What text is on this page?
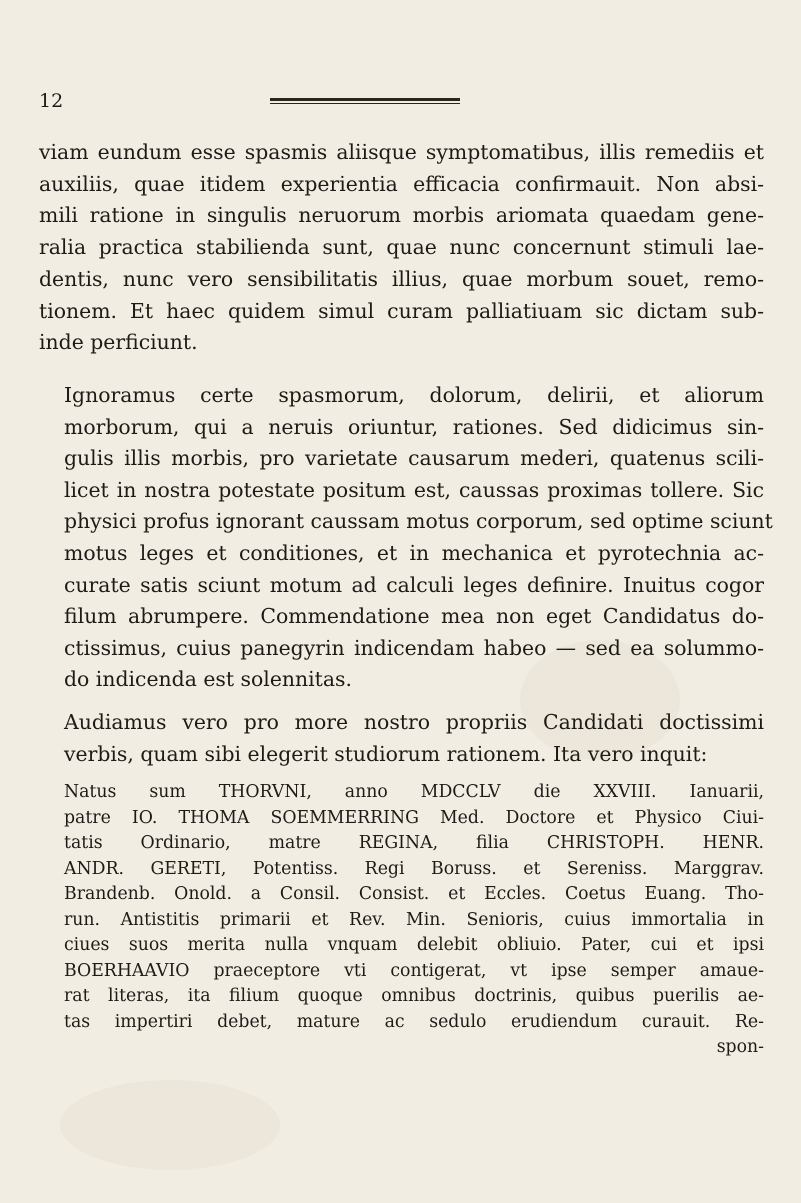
12
viam eundum esse spasmis aliisque symptomatibus, illis remediis et
auxiliis, quae itidem experientia efficacia confirmauit. Non absi-
mili ratione in singulis neruorum morbis ariomata quaedam gene-
ralia practica stabilienda sunt, quae nunc concernunt stimuli lae-
dentis, nunc vero sensibilitatis illius, quae morbum souet, remo-
tionem. Et haec quidem simul curam palliatiuam sic dictam sub-
inde perficiunt.
Ignoramus certe spasmorum, dolorum, delirii, et aliorum
morborum, qui a neruis oriuntur, rationes. Sed didicimus sin-
gulis illis morbis, pro varietate causarum mederi, quatenus scili-
licet in nostra potestate positum est, caussas proximas tollere. Sic
physici profus ignorant caussam motus corporum, sed optime sciunt
motus leges et conditiones, et in mechanica et pyrotechnia ac-
curate satis sciunt motum ad calculi leges definire. Inuitus cogor
filum abrumpere. Commendatione mea non eget Candidatus do-
ctissimus, cuius panegyrin indicendam habeo — sed ea solummo-
do indicenda est solennitas.
Audiamus vero pro more nostro propriis Candidati doctissimi
verbis, quam sibi elegerit studiorum rationem. Ita vero inquit:
Natus sum THORVNI, anno MDCCLV die XXVIII. Ianuarii,
patre IO. THOMA SOEMMERRING Med. Doctore et Physico Ciui-
tatis Ordinario, matre REGINA, filia CHRISTOPH. HENR.
ANDR. GERETI, Potentiss. Regi Boruss. et Sereniss. Marggrav.
Brandenb. Onold. a Consil. Consist. et Eccles. Coetus Euang. Tho-
run. Antistitis primarii et Rev. Min. Senioris, cuius immortalia in
ciues suos merita nulla vnquam delebit obliuio. Pater, cui et ipsi
BOERHAAVIO praeceptore vti contigerat, vt ipse semper amaue-
rat literas, ita filium quoque omnibus doctrinis, quibus puerilis ae-
tas impertiri debet, mature ac sedulo erudiendum curauit. Re-
spon-
